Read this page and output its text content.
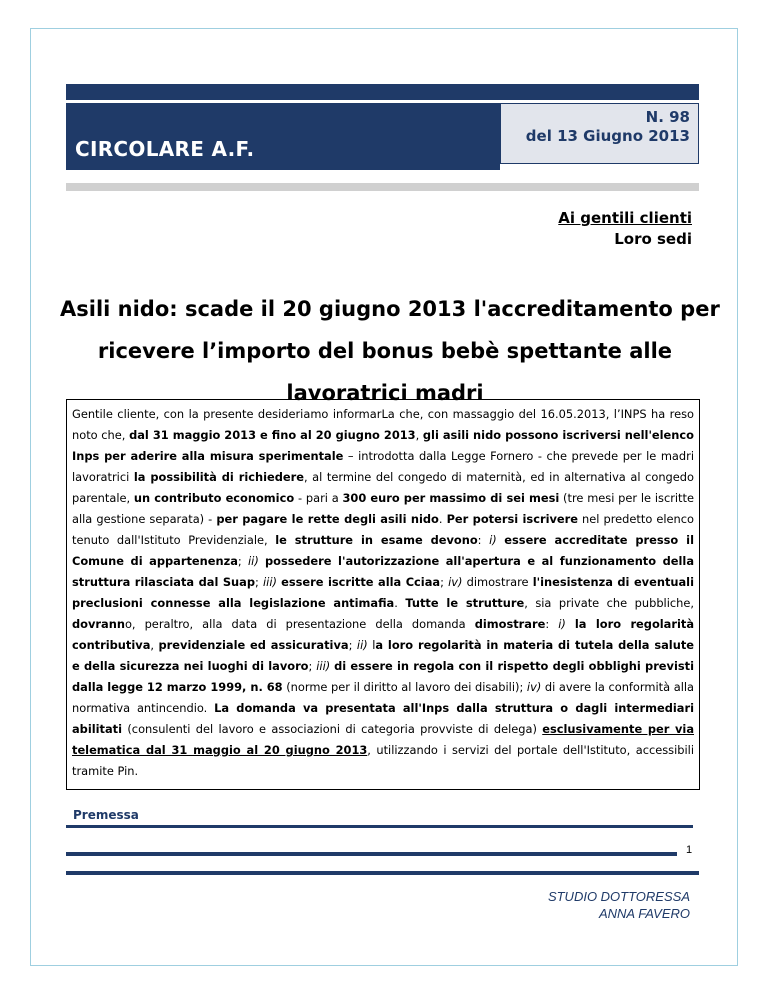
CIRCOLARE A.F.
N. 98
del 13 Giugno 2013
Ai gentili clienti
Loro sedi
Asili nido: scade il 20 giugno 2013 l'accreditamento per
ricevere l’importo del bonus bebè spettante alle
lavoratrici madri
Gentile cliente, con la presente desideriamo informarLa che, con massaggio del 16.05.2013, l’INPS ha reso noto che, dal 31 maggio 2013 e fino al 20 giugno 2013, gli asili nido possono iscriversi nell'elenco Inps per aderire alla misura sperimentale – introdotta dalla Legge Fornero - che prevede per le madri lavoratrici la possibilità di richiedere, al termine del congedo di maternità, ed in alternativa al congedo parentale, un contributo economico - pari a 300 euro per massimo di sei mesi (tre mesi per le iscritte alla gestione separata) - per pagare le rette degli asili nido. Per potersi iscrivere nel predetto elenco tenuto dall'Istituto Previdenziale, le strutture in esame devono: i) essere accreditate presso il Comune di appartenenza; ii) possedere l'autorizzazione all'apertura e al funzionamento della struttura rilasciata dal Suap; iii) essere iscritte alla Cciaa; iv) dimostrare l'inesistenza di eventuali preclusioni connesse alla legislazione antimafia. Tutte le strutture, sia private che pubbliche, dovranno, peraltro, alla data di presentazione della domanda dimostrare: i) la loro regolarità contributiva, previdenziale ed assicurativa; ii) la loro regolarità in materia di tutela della salute e della sicurezza nei luoghi di lavoro; iii) di essere in regola con il rispetto degli obblighi previsti dalla legge 12 marzo 1999, n. 68 (norme per il diritto al lavoro dei disabili); iv) di avere la conformità alla normativa antincendio. La domanda va presentata all'Inps dalla struttura o dagli intermediari abilitati (consulenti del lavoro e associazioni di categoria provviste di delega) esclusivamente per via telematica dal 31 maggio al 20 giugno 2013, utilizzando i servizi del portale dell'Istituto, accessibili tramite Pin.
Premessa
1
STUDIO DOTTORESSA
ANNA FAVERO
